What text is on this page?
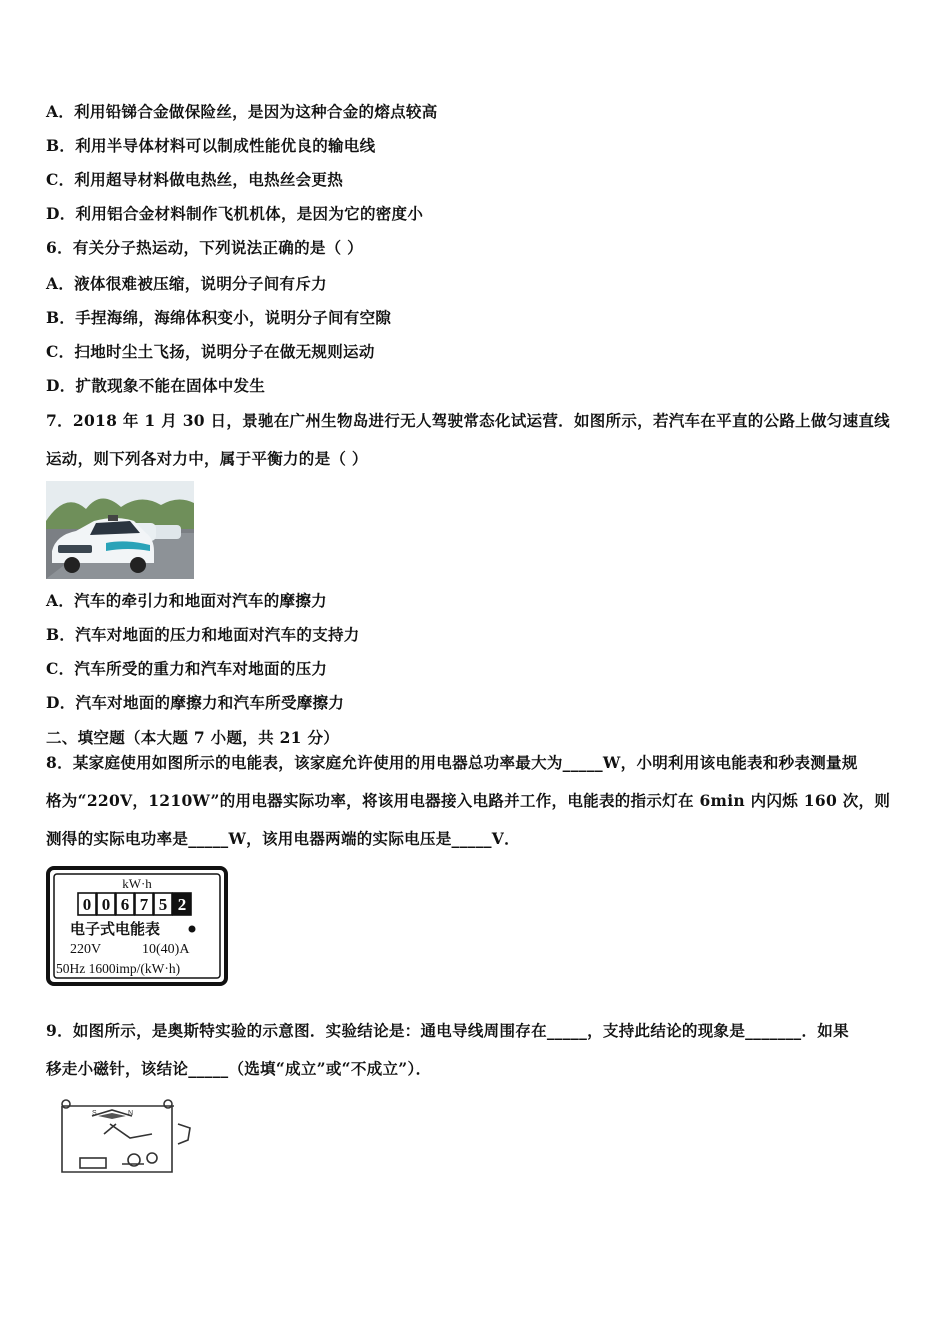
A．利用铅锑合金做保险丝，是因为这种合金的熔点较高
B．利用半导体材料可以制成性能优良的输电线
C．利用超导材料做电热丝，电热丝会更热
D．利用铝合金材料制作飞机机体，是因为它的密度小
6．有关分子热运动，下列说法正确的是（ ）
A．液体很难被压缩，说明分子间有斥力
B．手捏海绵，海绵体积变小，说明分子间有空隙
C．扫地时尘土飞扬，说明分子在做无规则运动
D．扩散现象不能在固体中发生
7．2018 年 1 月 30 日，景驰在广州生物岛进行无人驾驶常态化试运营．如图所示，若汽车在平直的公路上做匀速直线
运动，则下列各对力中，属于平衡力的是（ ）
A．汽车的牵引力和地面对汽车的摩擦力
B．汽车对地面的压力和地面对汽车的支持力
C．汽车所受的重力和汽车对地面的压力
D．汽车对地面的摩擦力和汽车所受摩擦力
二、填空题（本大题 7 小题，共 21 分）
8．某家庭使用如图所示的电能表，该家庭允许使用的用电器总功率最大为_____W，小明利用该电能表和秒表测量规
格为“220V，1210W”的用电器实际功率，将该用电器接入电路并工作，电能表的指示灯在 6min 内闪烁 160 次，则
测得的实际电功率是_____W，该用电器两端的实际电压是_____V．
kW·h
0 0 6 7 5 2
电子式电能表
220V	10(40)A
50Hz 1600imp/(kW·h)
9．如图所示，是奥斯特实验的示意图．实验结论是：通电导线周围存在_____，支持此结论的现象是_______．如果
移走小磁针，该结论_____（选填“成立”或“不成立”）．
S	N
